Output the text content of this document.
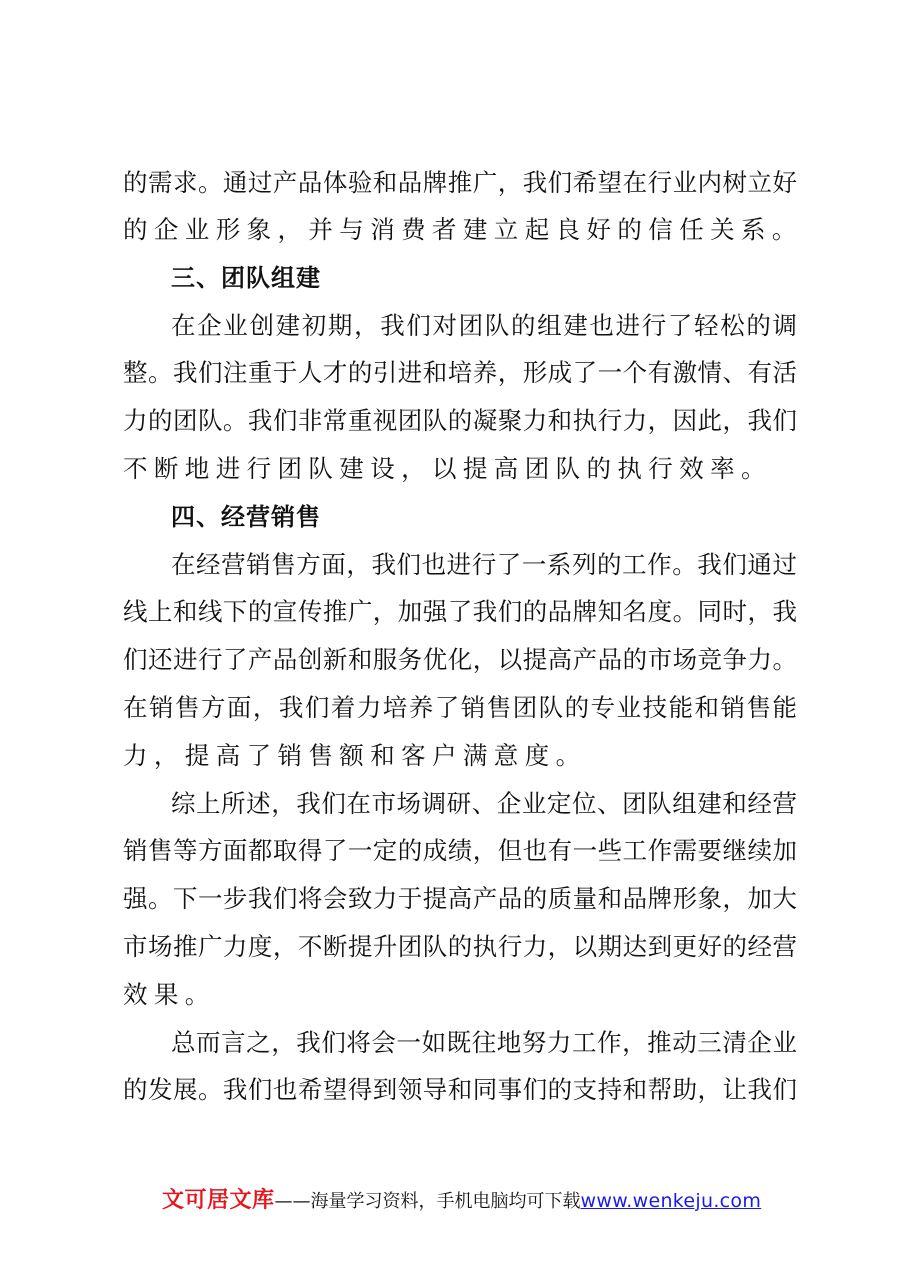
的需求。通过产品体验和品牌推广，我们希望在行业内树立好
的企业形象，并与消费者建立起良好的信任关系。
三、团队组建
在企业创建初期，我们对团队的组建也进行了轻松的调
整。我们注重于人才的引进和培养，形成了一个有激情、有活
力的团队。我们非常重视团队的凝聚力和执行力，因此，我们
不断地进行团队建设，以提高团队的执行效率。
四、经营销售
在经营销售方面，我们也进行了一系列的工作。我们通过
线上和线下的宣传推广，加强了我们的品牌知名度。同时，我
们还进行了产品创新和服务优化，以提高产品的市场竞争力。
在销售方面，我们着力培养了销售团队的专业技能和销售能
力，提高了销售额和客户满意度。
综上所述，我们在市场调研、企业定位、团队组建和经营
销售等方面都取得了一定的成绩，但也有一些工作需要继续加
强。下一步我们将会致力于提高产品的质量和品牌形象，加大
市场推广力度，不断提升团队的执行力，以期达到更好的经营
效果。
总而言之，我们将会一如既往地努力工作，推动三清企业
的发展。我们也希望得到领导和同事们的支持和帮助，让我们
文可居文库——海量学习资料，手机电脑均可下载www.wenkeju.com
